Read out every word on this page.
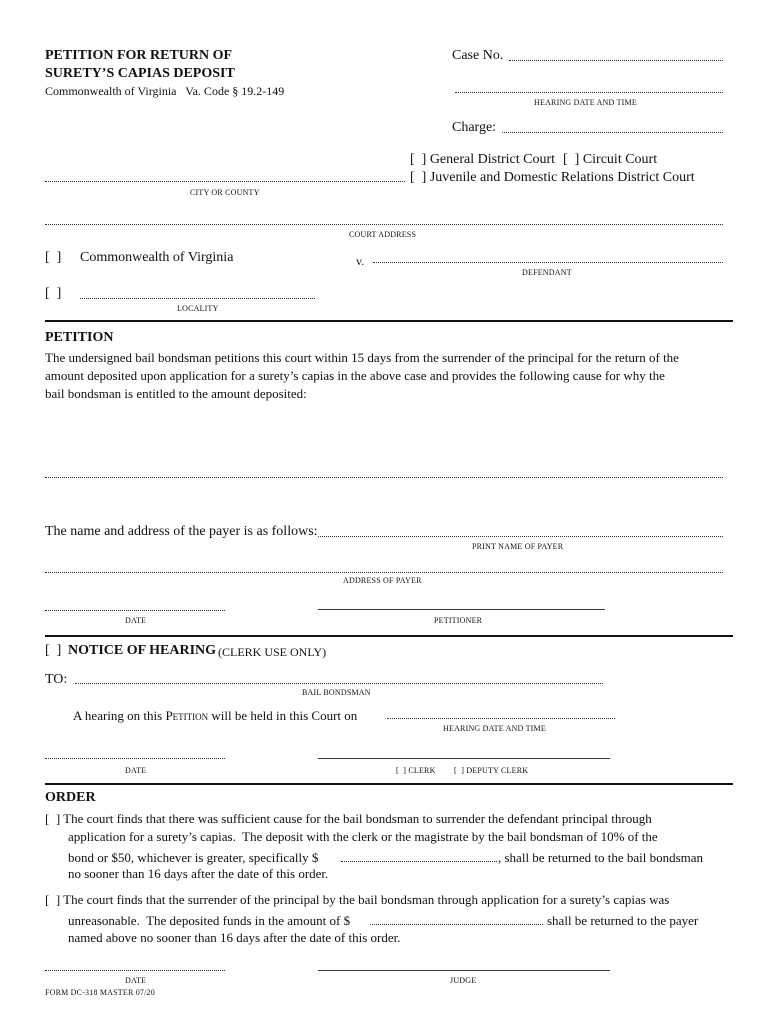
PETITION FOR RETURN OF
SURETY’S CAPIAS DEPOSIT
Commonwealth of Virginia   Va. Code § 19.2-149
Case No.
HEARING DATE AND TIME
Charge:
[  ] General District Court [  ] Circuit Court
[  ] Juvenile and Domestic Relations District Court
CITY OR COUNTY
COURT ADDRESS
[  ] Commonwealth of Virginia	v.
DEFENDANT
[  ]
LOCALITY
PETITION
The undersigned bail bondsman petitions this court within 15 days from the surrender of the principal for the return of the
amount deposited upon application for a surety’s capias in the above case and provides the following cause for why the
bail bondsman is entitled to the amount deposited:
The name and address of the payer is as follows:
PRINT NAME OF PAYER
ADDRESS OF PAYER
DATE	PETITIONER
[  ] NOTICE OF HEARING (CLERK USE ONLY)
TO:
BAIL BONDSMAN
A hearing on this Petition will be held in this Court on
HEARING DATE AND TIME
DATE	[  ] CLERK [  ] DEPUTY CLERK
ORDER
[  ] The court finds that there was sufficient cause for the bail bondsman to surrender the defendant principal through
application for a surety’s capias.  The deposit with the clerk or the magistrate by the bail bondsman of 10% of the
bond or $50, whichever is greater, specifically $	, shall be returned to the bail bondsman
no sooner than 16 days after the date of this order.
[  ] The court finds that the surrender of the principal by the bail bondsman through application for a surety’s capias was
unreasonable.  The deposited funds in the amount of $	shall be returned to the payer
named above no sooner than 16 days after the date of this order.
DATE	JUDGE
FORM DC-318 MASTER 07/20
